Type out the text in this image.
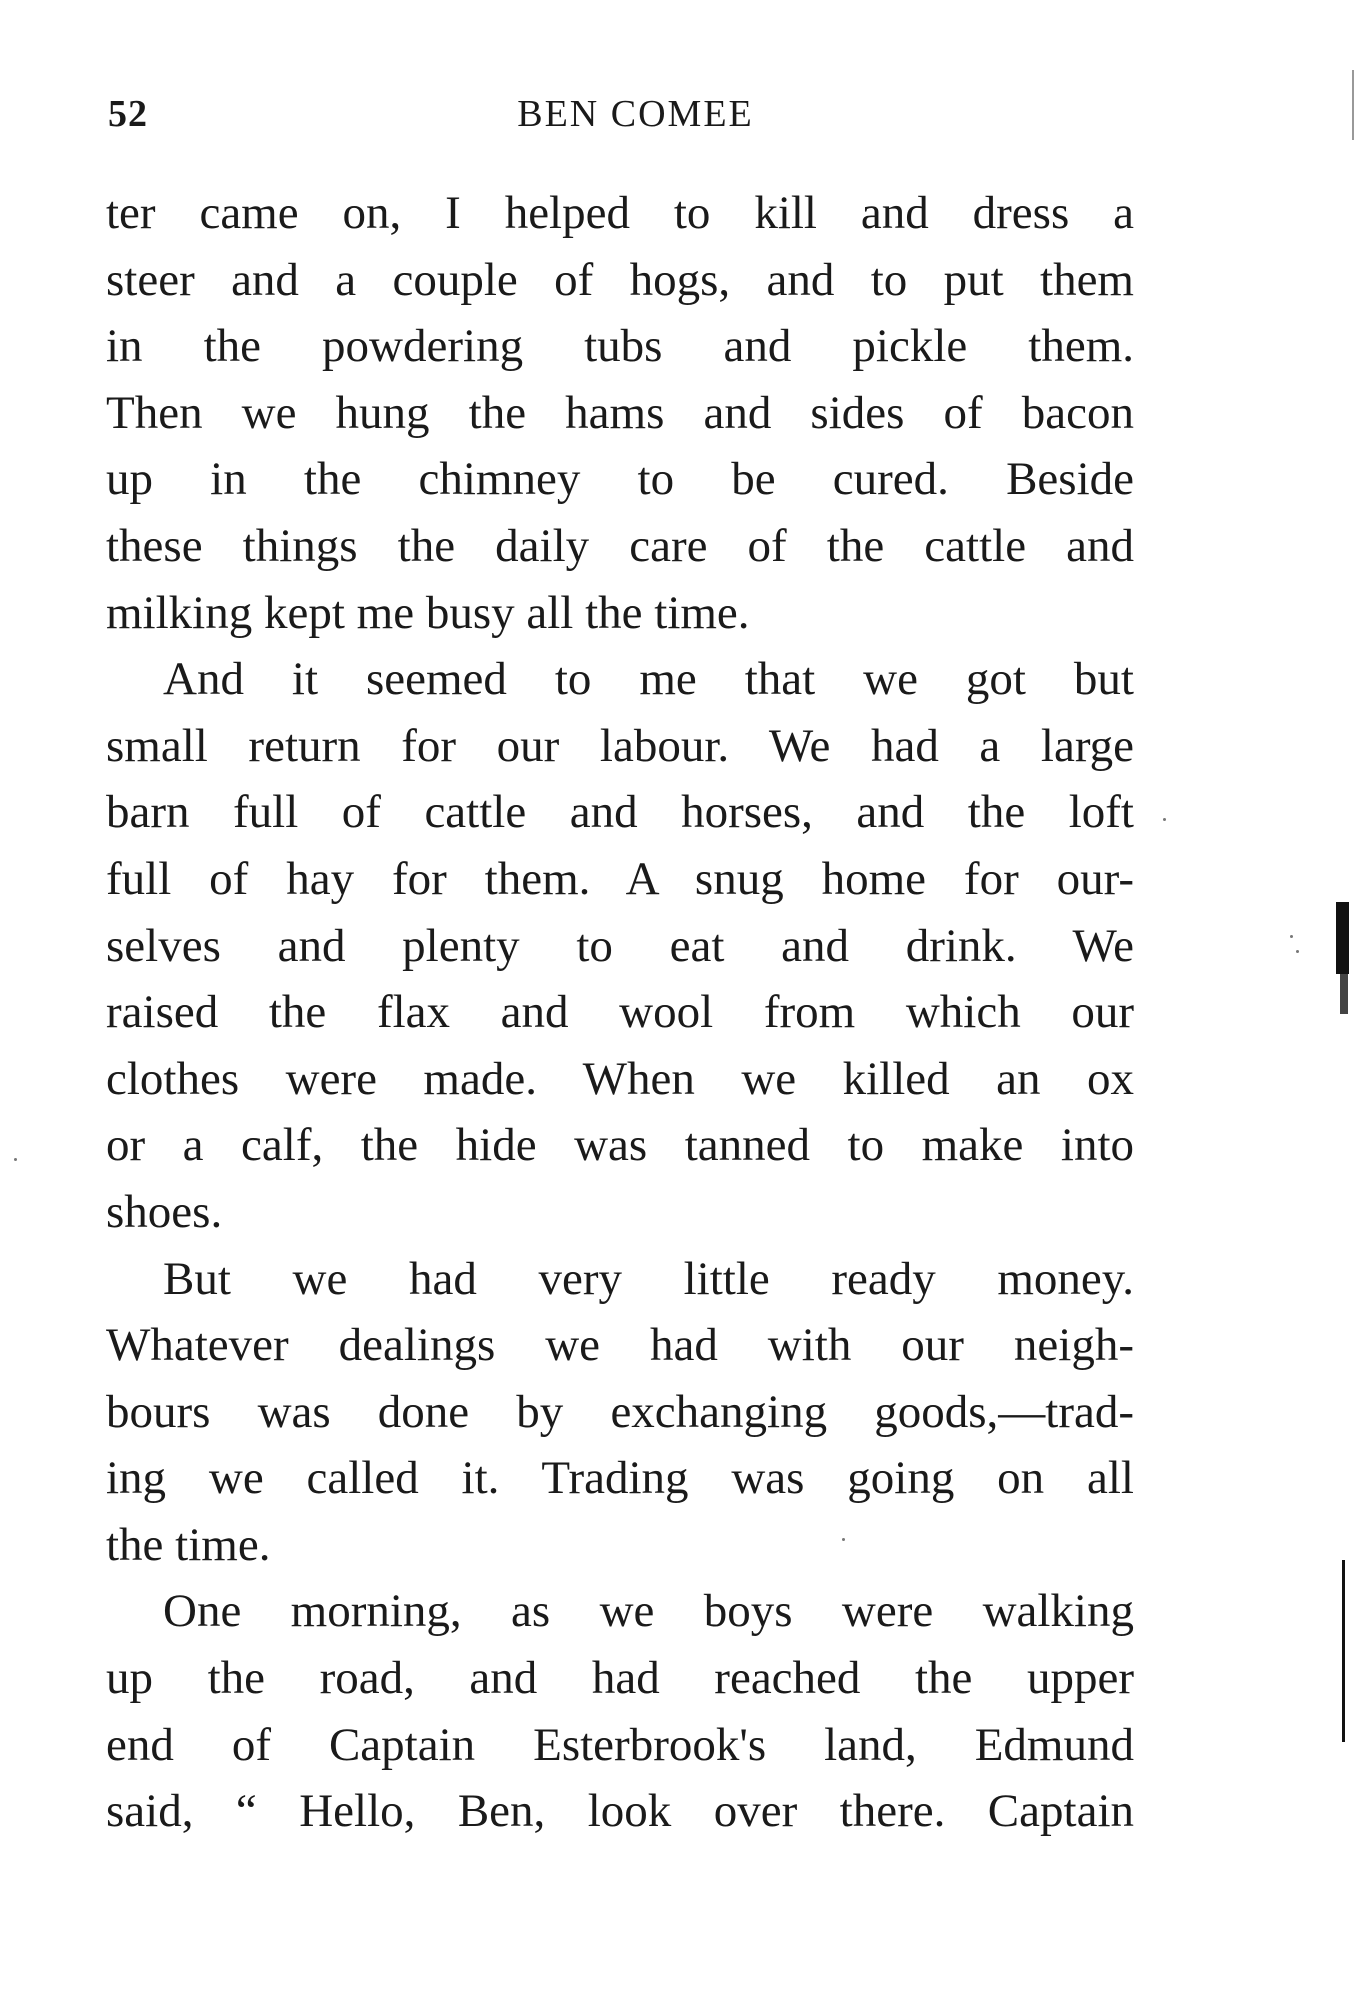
52	BEN COMEE
ter came on, I helped to kill and dress a
steer and a couple of hogs, and to put them
in the powdering tubs and pickle them.
Then we hung the hams and sides of bacon
up in the chimney to be cured. Beside
these things the daily care of the cattle and
milking kept me busy all the time.
And it seemed to me that we got but
small return for our labour. We had a large
barn full of cattle and horses, and the loft
full of hay for them. A snug home for our-
selves and plenty to eat and drink. We
raised the flax and wool from which our
clothes were made. When we killed an ox
or a calf, the hide was tanned to make into
shoes.
But we had very little ready money.
Whatever dealings we had with our neigh-
bours was done by exchanging goods,—trad-
ing we called it. Trading was going on all
the time.
One morning, as we boys were walking
up the road, and had reached the upper
end of Captain Esterbrook's land, Edmund
said, “ Hello, Ben, look over there. Captain
